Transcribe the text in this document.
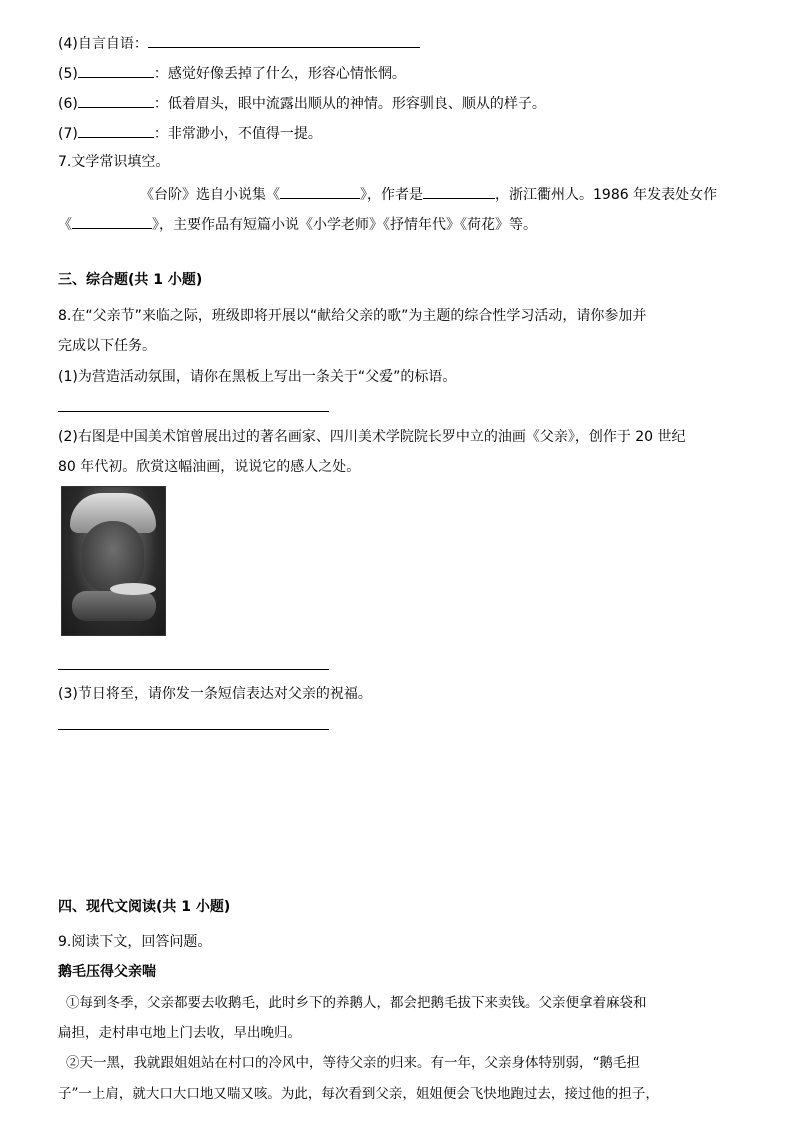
(4)自言自语：
(5)	：感觉好像丢掉了什么，形容心情怅惘。
(6)	：低着眉头，眼中流露出顺从的神情。形容驯良、顺从的样子。
(7)	：非常渺小，不值得一提。
7.文学常识填空。
《台阶》选自小说集《	》，作者是	，浙江衢州人。1986 年发表处女作
《	》，主要作品有短篇小说《小学老师》《抒情年代》《荷花》等。
三、综合题(共 1 小题)
8.在“父亲节”来临之际，班级即将开展以“献给父亲的歌”为主题的综合性学习活动，请你参加并
完成以下任务。
(1)为营造活动氛围，请你在黑板上写出一条关于“父爱”的标语。
(2)右图是中国美术馆曾展出过的著名画家、四川美术学院院长罗中立的油画《父亲》，创作于 20 世纪
80 年代初。欣赏这幅油画，说说它的感人之处。
(3)节日将至，请你发一条短信表达对父亲的祝福。
四、现代文阅读(共 1 小题)
9.阅读下文，回答问题。
鹅毛压得父亲喘
①每到冬季，父亲都要去收鹅毛，此时乡下的养鹅人，都会把鹅毛拔下来卖钱。父亲便拿着麻袋和
扁担，走村串屯地上门去收，早出晚归。
②天一黑，我就跟姐姐站在村口的冷风中，等待父亲的归来。有一年，父亲身体特别弱，“鹅毛担
子”一上肩，就大口大口地又喘又咳。为此，每次看到父亲，姐姐便会飞快地跑过去，接过他的担子，
